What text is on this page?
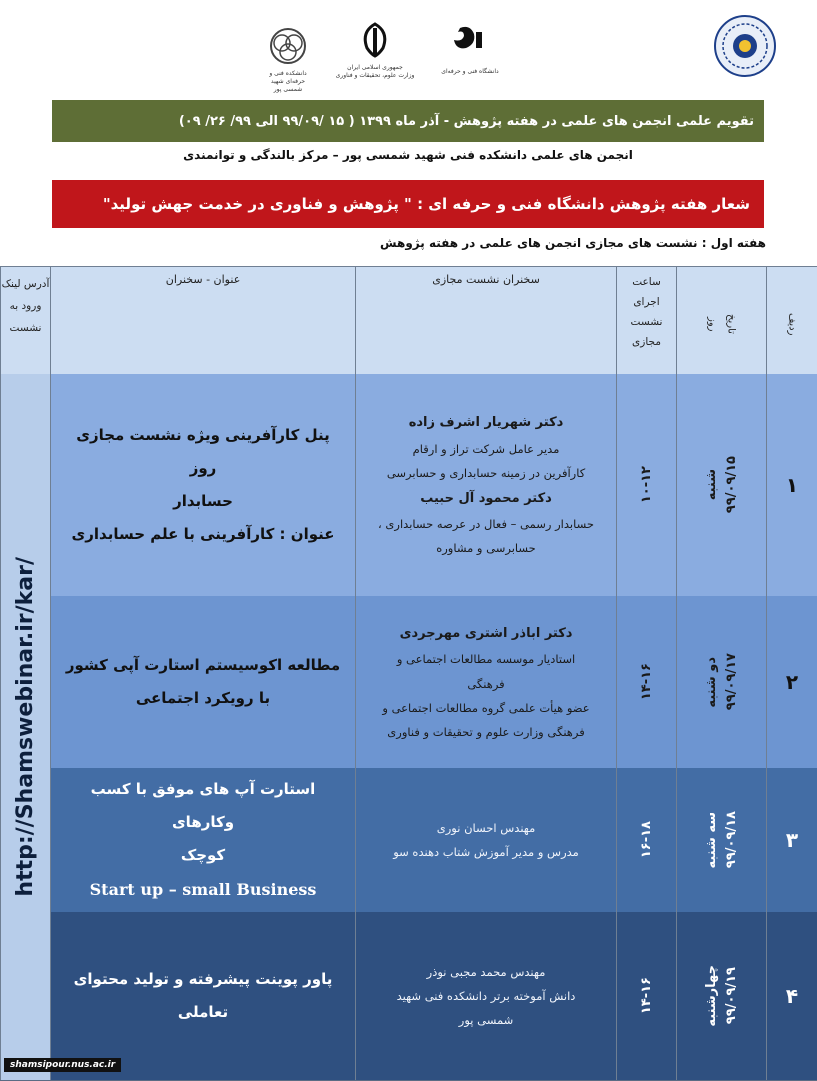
دانشگاه فنی و حرفه‌ای
جمهوری اسلامی ایران
وزارت علوم، تحقیقات و فناوری
دانشکده فنی و حرفه‌ای شهید شمسی پور
تقویم علمی انجمن های علمی در هفته پژوهش - آذر ماه ۱۳۹۹ ( ۱۵ /۹۹/۰۹ الی ۹۹/ ۲۶/ ۰۹)
انجمن های علمی دانشکده فنی شهید شمسی پور – مرکز بالندگی و توانمندی
شعار هفته پژوهش دانشگاه فنی و حرفه ای : " پژوهش و فناوری در خدمت جهش تولید"
هفته اول : نشست های مجازی انجمن های علمی در هفته پژوهش
ردیف
تاریخ
روز
ساعت اجرای نشست مجازی
سخنران نشست مجازی
عنوان - سخنران
آدرس لینک ورود به نشست
۱
۹۹/۰۹/۱۵
شنبه
۱۰-۱۲
دکتر شهریار اشرف زاده
مدیر عامل شرکت تراز و ارقام
کارآفرین در زمینه حسابداری و حسابرسی
دکتر محمود آل حبیب
حسابدار رسمی – فعال در عرصه حسابداری ،
حسابرسی و مشاوره
پنل کارآفرینی ویژه نشست مجازی روز
حسابدار
عنوان : کارآفرینی با علم حسابداری
۲
۹۹/۰۹/۱۷
دو شنبه
۱۴-۱۶
دکتر اباذر اشتری مهرجردی
استادیار موسسه مطالعات اجتماعی و
فرهنگی
عضو هیأت علمی گروه مطالعات اجتماعی و
فرهنگی وزارت علوم و تحقیقات و فناوری
مطالعه اکوسیستم استارت آپی کشور
با رویکرد اجتماعی
۳
۹۹/۰۹/۱۸
سه شنبه
۱۶-۱۸
مهندس احسان نوری
مدرس و مدیر آموزش شتاب دهنده سو
استارت آپ های موفق با کسب وکارهای
کوچک
Start up – small Business
۴
۹۹/۰۹/۱۹
چهارشنبه
۱۴-۱۶
مهندس محمد مجبی نوذر
دانش آموخته برتر دانشکده فنی شهید
شمسی پور
پاور پوینت پیشرفته و تولید محتوای
تعاملی
http://Shamswebinar.ir/kar/
shamsipour.nus.ac.ir
